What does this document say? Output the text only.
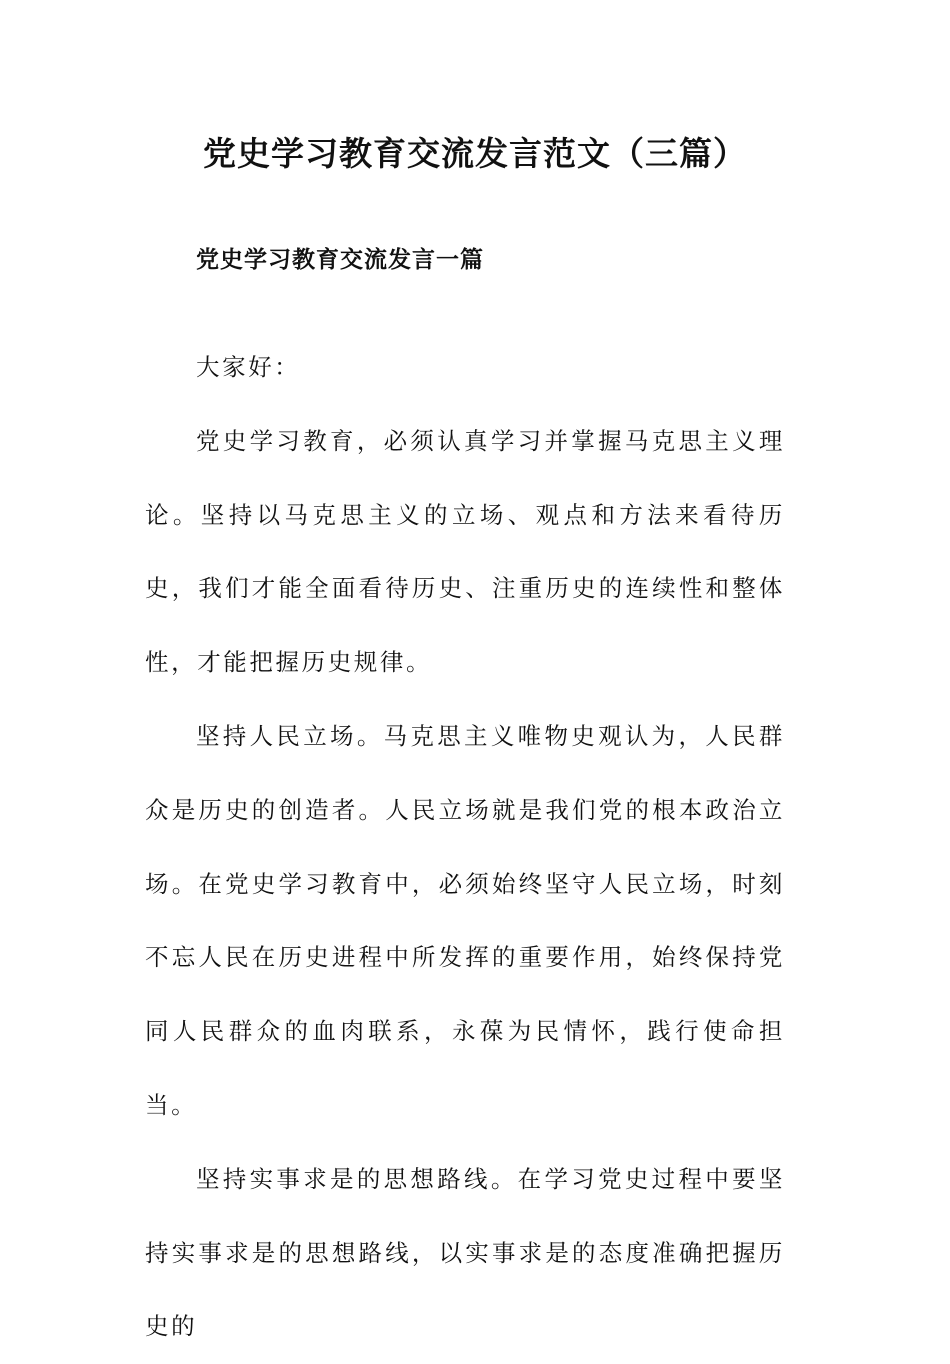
党史学习教育交流发言范文（三篇）
党史学习教育交流发言一篇

大家好：

党史学习教育，必须认真学习并掌握马克思主义理论。坚持以马克思主义的立场、观点和方法来看待历史，我们才能全面看待历史、注重历史的连续性和整体性，才能把握历史规律。

坚持人民立场。马克思主义唯物史观认为，人民群众是历史的创造者。人民立场就是我们党的根本政治立场。在党史学习教育中，必须始终坚守人民立场，时刻不忘人民在历史进程中所发挥的重要作用，始终保持党同人民群众的血肉联系，永葆为民情怀，践行使命担当。

坚持实事求是的思想路线。在学习党史过程中要坚持实事求是的思想路线，以实事求是的态度准确把握历史的
